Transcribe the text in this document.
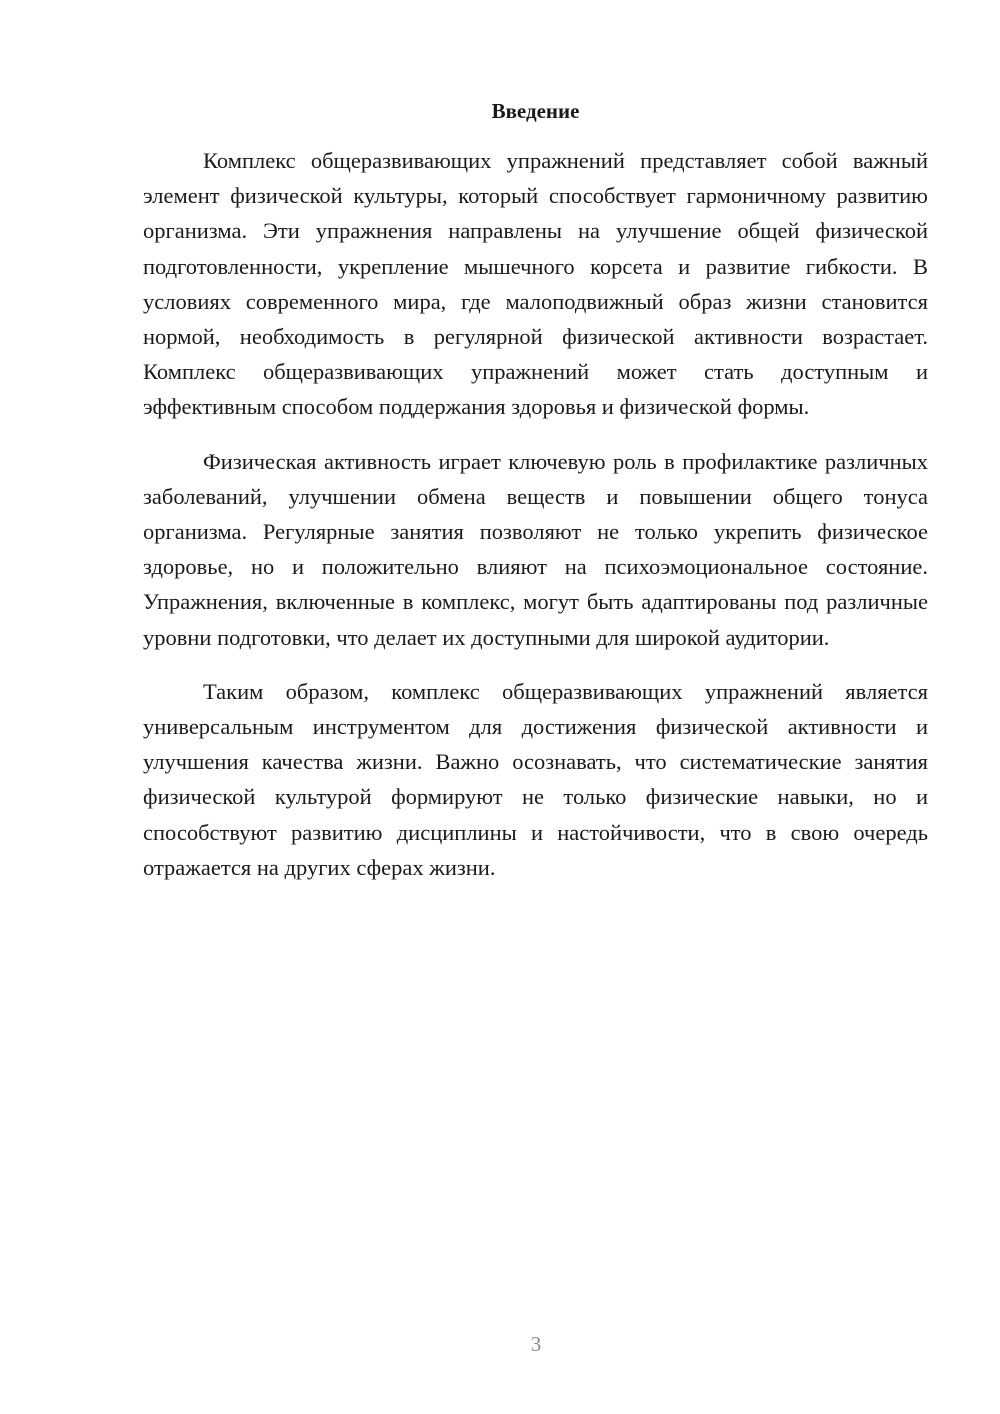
Введение

Комплекс общеразвивающих упражнений представляет собой важный элемент физической культуры, который способствует гармоничному развитию организма. Эти упражнения направлены на улучшение общей физической подготовленности, укрепление мышечного корсета и развитие гибкости. В условиях современного мира, где малоподвижный образ жизни становится нормой, необходимость в регулярной физической активности возрастает. Комплекс общеразвивающих упражнений может стать доступным и эффективным способом поддержания здоровья и физической формы.

Физическая активность играет ключевую роль в профилактике различных заболеваний, улучшении обмена веществ и повышении общего тонуса организма. Регулярные занятия позволяют не только укрепить физическое здоровье, но и положительно влияют на психоэмоциональное состояние. Упражнения, включенные в комплекс, могут быть адаптированы под различные уровни подготовки, что делает их доступными для широкой аудитории.

Таким образом, комплекс общеразвивающих упражнений является универсальным инструментом для достижения физической активности и улучшения качества жизни. Важно осознавать, что систематические занятия физической культурой формируют не только физические навыки, но и способствуют развитию дисциплины и настойчивости, что в свою очередь отражается на других сферах жизни.

3
